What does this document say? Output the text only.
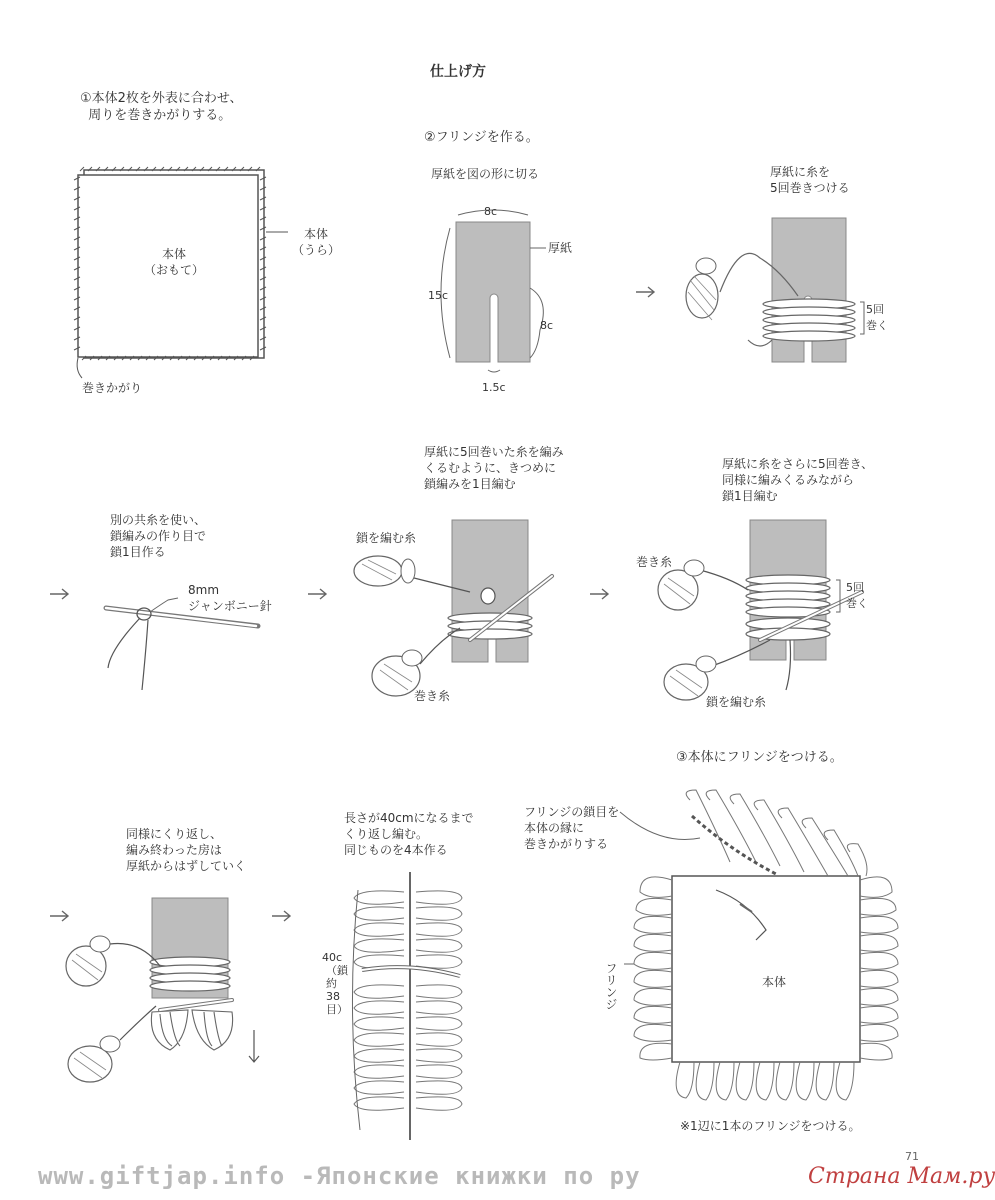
仕上げ方
①本体2枚を外表に合わせ、
周りを巻きかがりする。
本体
（おもて）
本体
（うら）
巻きかがり
②フリンジを作る。
厚紙を図の形に切る
8c
15c
8c
1.5c
厚紙
厚紙に糸を
5回巻きつける
5回
巻く
別の共糸を使い、
鎖編みの作り目で
鎖1目作る
8mm
ジャンボニー針
厚紙に5回巻いた糸を編み
くるむように、きつめに
鎖編みを1目編む
鎖を編む糸
巻き糸
厚紙に糸をさらに5回巻き、
同様に編みくるみながら
鎖1目編む
巻き糸
5回
巻く
鎖を編む糸
同様にくり返し、
編み終わった房は
厚紙からはずしていく
長さが40cmになるまで
くり返し編む。
同じものを4本作る
40c
（鎖
約
38
目）
③本体にフリンジをつける。
フリンジの鎖目を
本体の縁に
巻きかがりする
フリンジ	本体
※1辺に1本のフリンジをつける。
71
www.giftjap.info -Японские книжки по ру	Страна Мам.ру
